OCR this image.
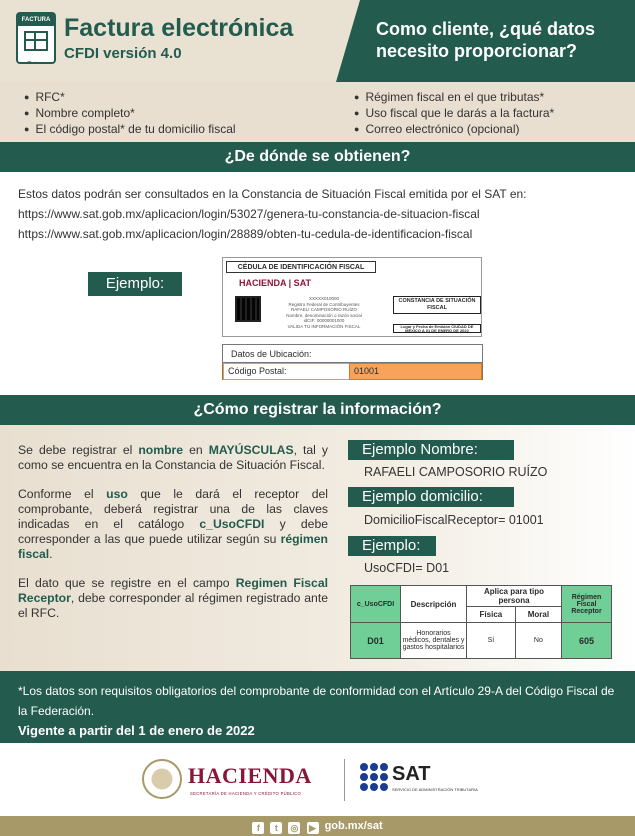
FACTURA
～
Factura electrónica
CFDI versión 4.0
Como cliente, ¿qué datos necesito proporcionar?
● RFC*
● Nombre completo*
● El código postal* de tu domicilio fiscal
● Régimen fiscal en el que tributas*
● Uso fiscal que le darás a la factura*
● Correo electrónico (opcional)
¿De dónde se obtienen?

Estos datos podrán ser consultados en la Constancia de Situación Fiscal emitida por el SAT en:
https://www.sat.gob.mx/aplicacion/login/53027/genera-tu-constancia-de-situacion-fiscal
https://www.sat.gob.mx/aplicacion/login/28889/obten-tu-cedula-de-identificacion-fiscal

Ejemplo:
CÉDULA DE IDENTIFICACIÓN FISCAL
HACIENDA | SAT
XXXXX010000
Registro Federal de Contribuyentes
RAFAELI CAMPOSORIO RUÍZO
Nombre, denominación o razón social
idCIF: 00000001000
VALIDA TU INFORMACIÓN FISCAL
CONSTANCIA DE SITUACIÓN FISCAL
Lugar y Fecha de Emisión CIUDAD DE MÉXICO A 01 DE ENERO DE 2022
Datos de Ubicación:
Código Postal:	01001
¿Cómo registrar la información?

Se debe registrar el nombre en MAYÚSCULAS, tal y como se encuentra en la Constancia de Situación Fiscal.

Conforme el uso que le dará el receptor del comprobante, deberá registrar una de las claves indicadas en el catálogo c_UsoCFDI y debe corresponder a las que puede utilizar según su régimen fiscal.

El dato que se registre en el campo Regimen Fiscal Receptor, debe corresponder al régimen registrado ante el RFC.

Ejemplo Nombre:
RAFAELI CAMPOSORIO RUÍZO
Ejemplo domicilio:
DomicilioFiscalReceptor= 01001
Ejemplo:
UsoCFDI= D01
c_UsoCFDI	Descripción	Aplica para tipo persona		Régimen Fiscal Receptor
		Física	Moral	
D01	Honorarios médicos, dentales y gastos hospitalarios	Sí	No	605

*Los datos son requisitos obligatorios del comprobante de conformidad con el Artículo 29-A del Código Fiscal de la Federación.

Vigente a partir del 1 de enero de 2022
HACIENDA
SECRETARÍA DE HACIENDA Y CRÉDITO PÚBLICO
SAT
SERVICIO DE ADMINISTRACIÓN TRIBUTARIA
f t ◎ ▶ gob.mx/sat
